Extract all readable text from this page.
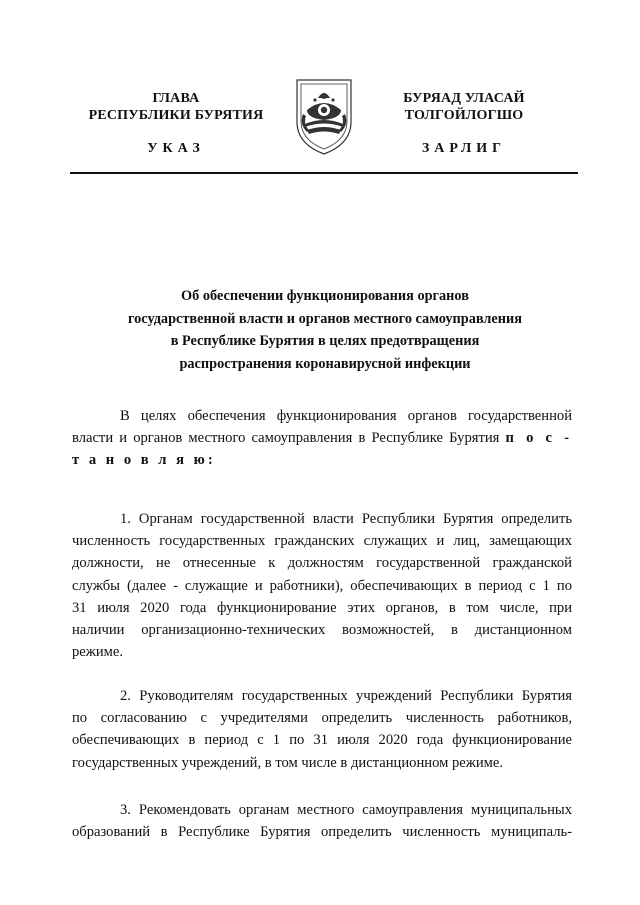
ГЛАВА
РЕСПУБЛИКИ БУРЯТИЯ
УКАЗ
БУРЯАД УЛАСАЙ
ТОЛГОЙЛОГШО
ЗАРЛИГ
Об обеспечении функционирования органов
государственной власти и органов местного самоуправления
в Республике Бурятия в целях предотвращения
распространения коронавирусной инфекции
В целях обеспечения функционирования органов государственной
власти и органов местного самоуправления в Республике Бурятия п о с -
т а н о в л я ю:
1. Органам государственной власти Республики Бурятия определить
численность государственных гражданских служащих и лиц, замещающих
должности, не отнесенные к должностям государственной гражданской
службы (далее - служащие и работники), обеспечивающих в период с 1 по
31 июля 2020 года функционирование этих органов, в том числе, при
наличии организационно-технических возможностей, в дистанционном
режиме.
2. Руководителям государственных учреждений Республики Бурятия
по согласованию с учредителями определить численность работников,
обеспечивающих в период с 1 по 31 июля 2020 года функционирование
государственных учреждений, в том числе в дистанционном режиме.
3. Рекомендовать органам местного самоуправления муниципальных
образований в Республике Бурятия определить численность муниципаль-
